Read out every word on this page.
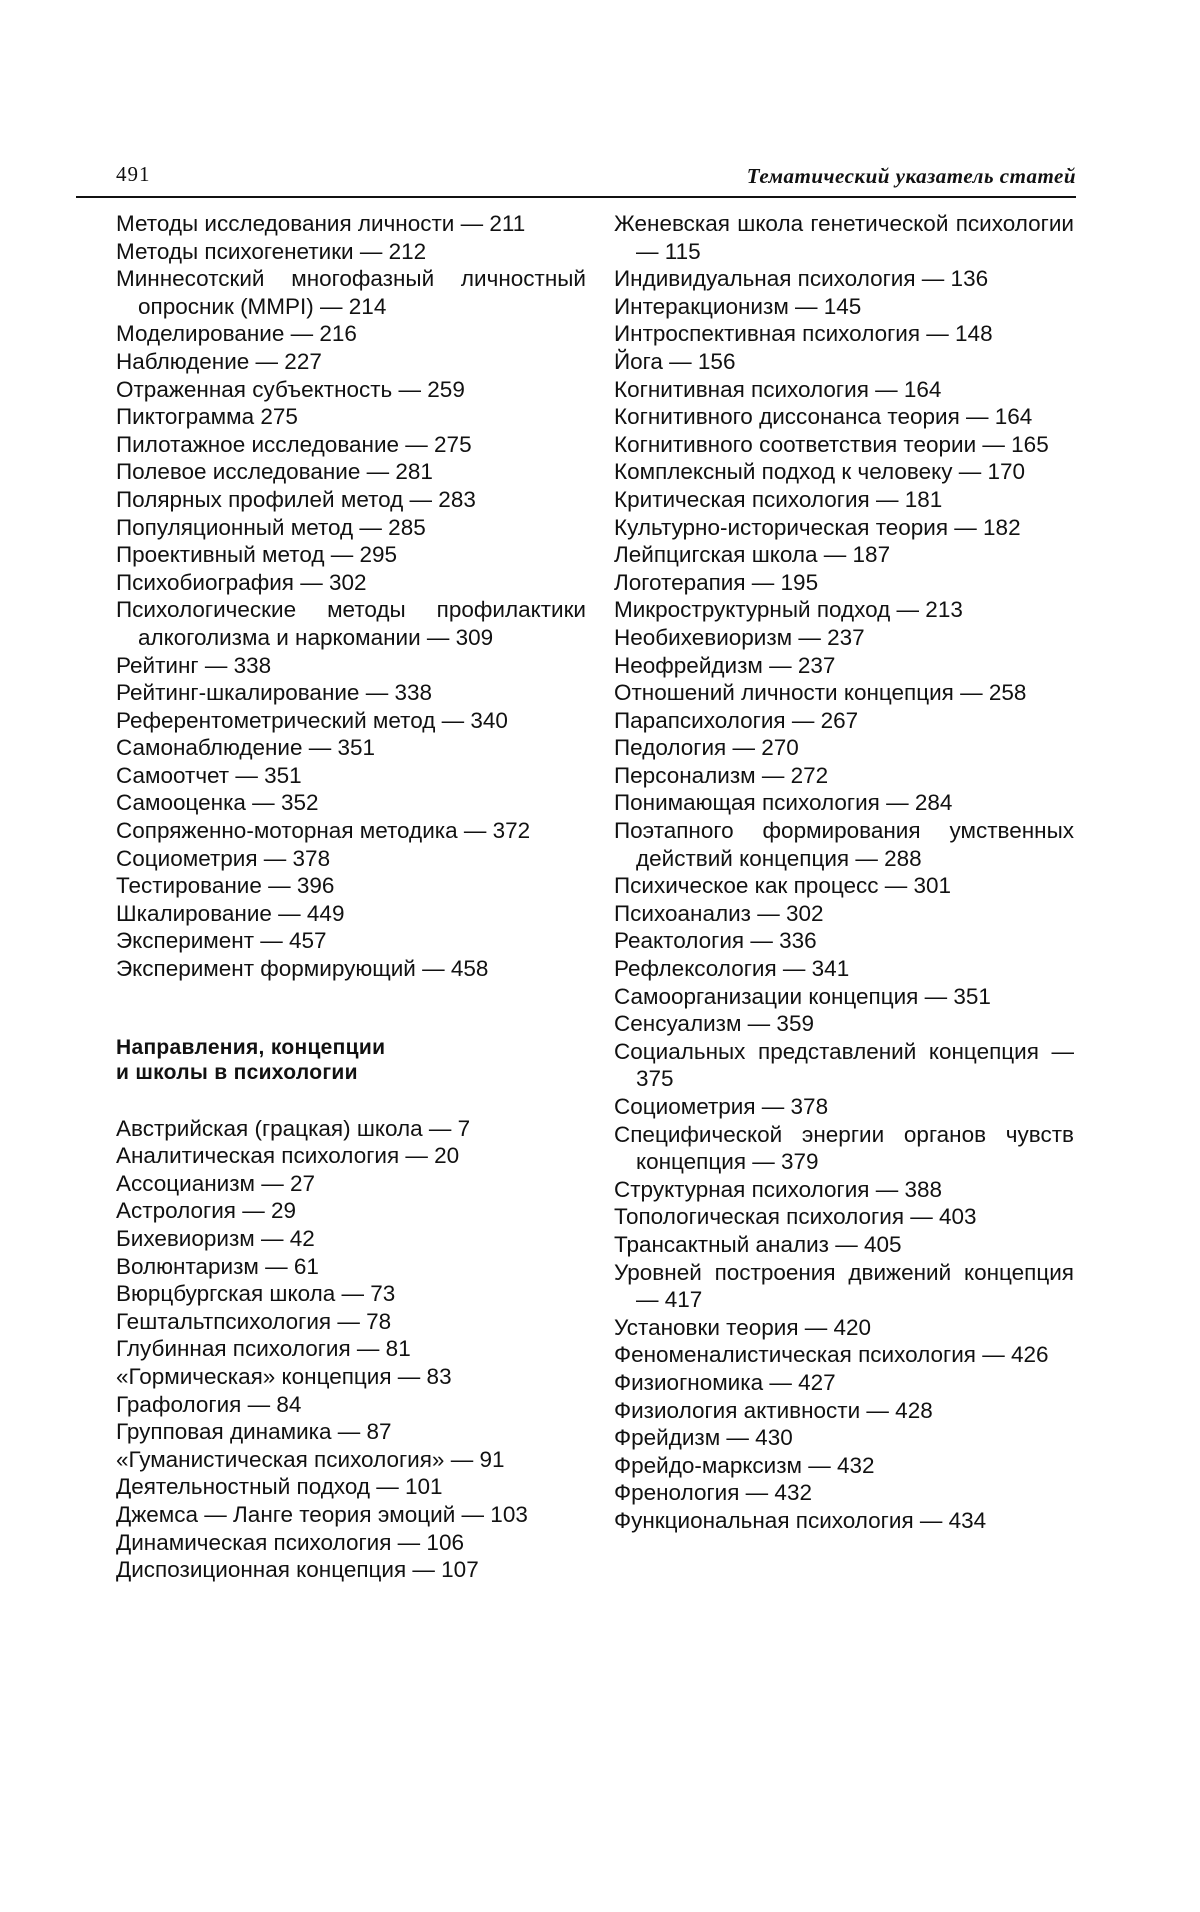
491	Тематический указатель статей
Методы исследования личности — 211
Методы психогенетики — 212
Миннесотский многофазный личностный опросник (MMPI) — 214
Моделирование — 216
Наблюдение — 227
Отраженная субъектность — 259
Пиктограмма 275
Пилотажное исследование — 275
Полевое исследование — 281
Полярных профилей метод — 283
Популяционный метод — 285
Проективный метод — 295
Психобиография — 302
Психологические методы профилактики алкоголизма и наркомании — 309
Рейтинг — 338
Рейтинг-шкалирование — 338
Референтометрический метод — 340
Самонаблюдение — 351
Самоотчет — 351
Самооценка — 352
Сопряженно-моторная методика — 372
Социометрия — 378
Тестирование — 396
Шкалирование — 449
Эксперимент — 457
Эксперимент формирующий — 458
Направления, концепции
и школы в психологии
Австрийская (грацкая) школа — 7
Аналитическая психология — 20
Ассоцианизм — 27
Астрология — 29
Бихевиоризм — 42
Волюнтаризм — 61
Вюрцбургская школа — 73
Гештальтпсихология — 78
Глубинная психология — 81
«Гормическая» концепция — 83
Графология — 84
Групповая динамика — 87
«Гуманистическая психология» — 91
Деятельностный подход — 101
Джемса — Ланге теория эмоций — 103
Динамическая психология — 106
Диспозиционная концепция — 107
Женевская школа генетической психологии — 115
Индивидуальная психология — 136
Интеракционизм — 145
Интроспективная психология — 148
Йога — 156
Когнитивная психология — 164
Когнитивного диссонанса теория — 164
Когнитивного соответствия теории — 165
Комплексный подход к человеку — 170
Критическая психология — 181
Культурно-историческая теория — 182
Лейпцигская школа — 187
Логотерапия — 195
Микроструктурный подход — 213
Необихевиоризм — 237
Неофрейдизм — 237
Отношений личности концепция — 258
Парапсихология — 267
Педология — 270
Персонализм — 272
Понимающая психология — 284
Поэтапного формирования умственных действий концепция — 288
Психическое как процесс — 301
Психоанализ — 302
Реактология — 336
Рефлексология — 341
Самоорганизации концепция — 351
Сенсуализм — 359
Социальных представлений концепция — 375
Социометрия — 378
Специфической энергии органов чувств концепция — 379
Структурная психология — 388
Топологическая психология — 403
Трансактный анализ — 405
Уровней построения движений концепция — 417
Установки теория — 420
Феноменалистическая психология — 426
Физиогномика — 427
Физиология активности — 428
Фрейдизм — 430
Фрейдо-марксизм — 432
Френология — 432
Функциональная психология — 434
